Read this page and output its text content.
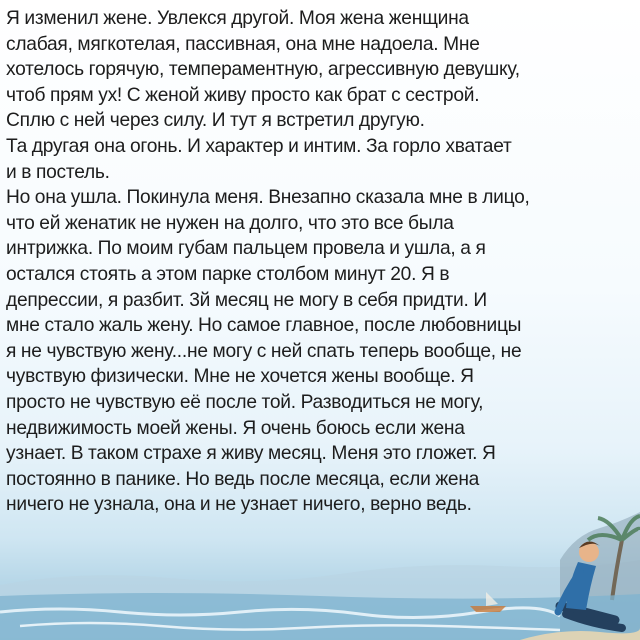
Я изменил жене. Увлекся другой. Моя жена женщина
слабая, мягкотелая, пассивная, она мне надоела. Мне
хотелось горячую, темпераментную, агрессивную девушку,
чтоб прям ух! С женой живу просто как брат с сестрой.
Сплю с ней через силу. И тут я встретил другую.
Та другая она огонь. И характер и интим. За горло хватает
и в постель.
Но она ушла. Покинула меня. Внезапно сказала мне в лицо,
что ей женатик не нужен на долго, что это все была
интрижка. По моим губам пальцем провела и ушла, а я
остался стоять а этом парке столбом минут 20. Я в
депрессии, я разбит. 3й месяц не могу в себя придти. И
мне стало жаль жену. Но самое главное, после любовницы
я не чувствую жену...не могу с ней спать теперь вообще, не
чувствую физически. Мне не хочется жены вообще. Я
просто не чувствую её после той. Разводиться не могу,
недвижимость моей жены. Я очень боюсь если жена
узнает. В таком страхе я живу месяц. Меня это гложет. Я
постоянно в панике. Но ведь после месяца, если жена
ничего не узнала, она и не узнает ничего, верно ведь.
